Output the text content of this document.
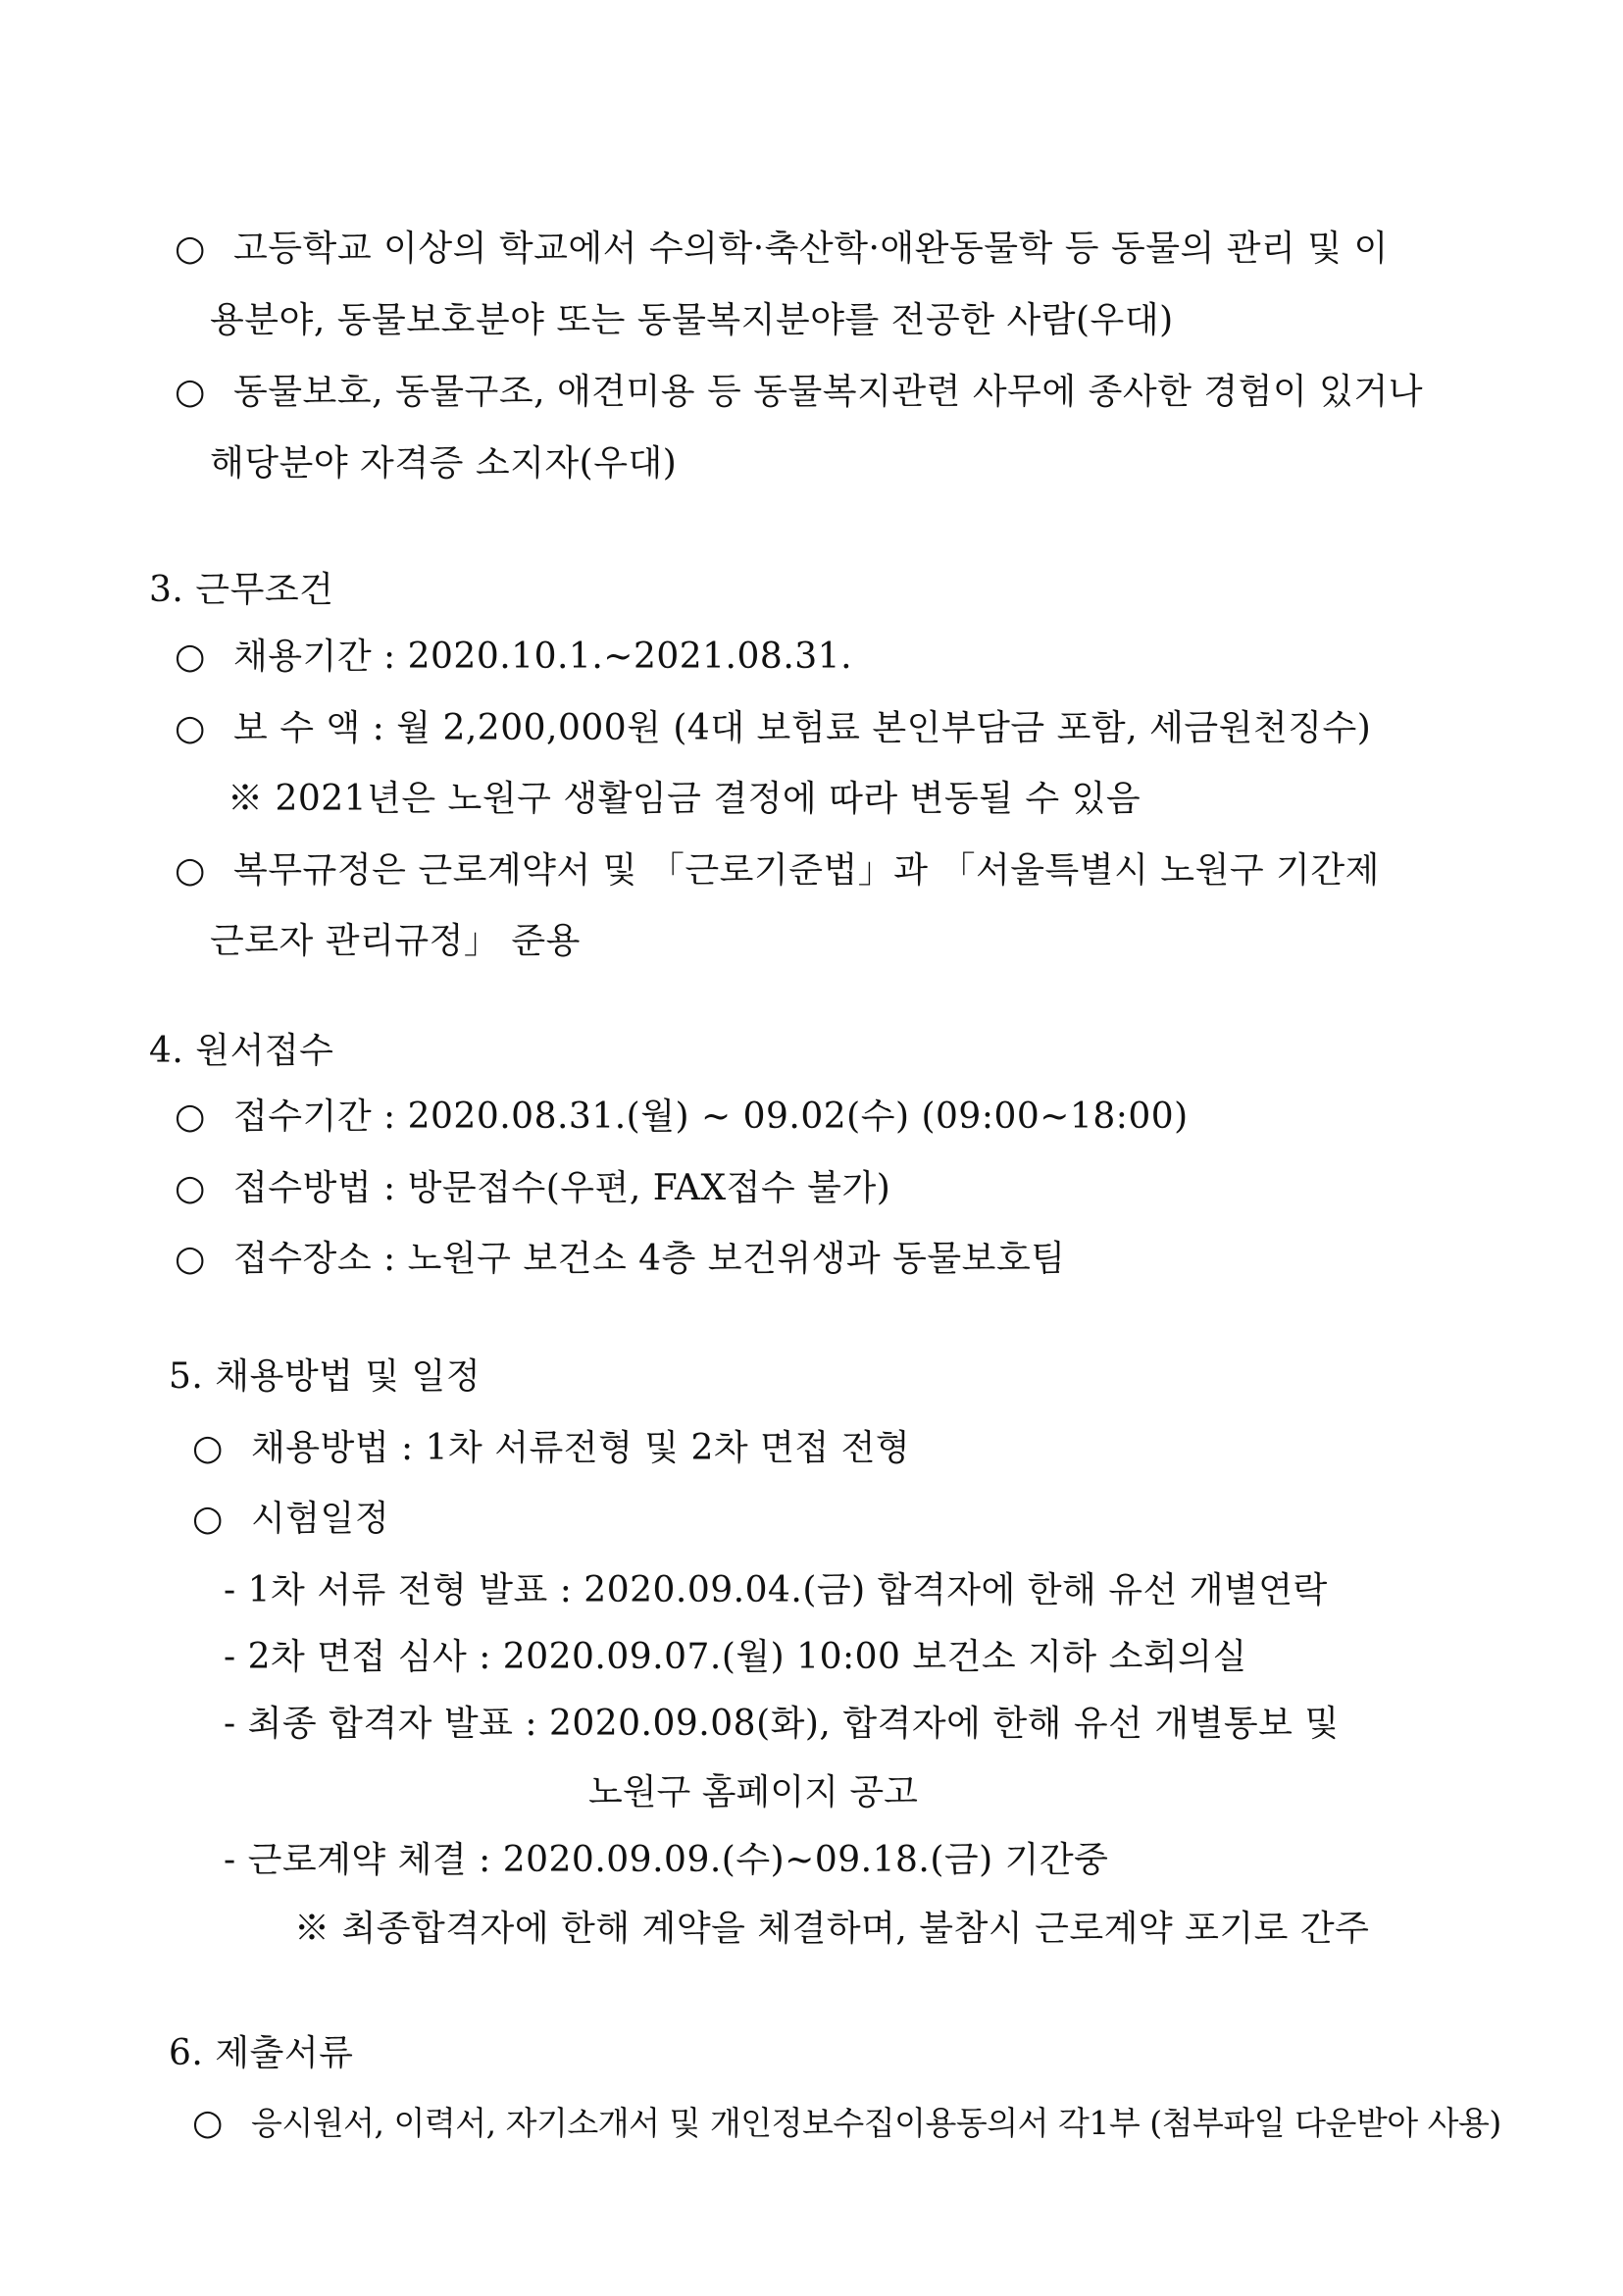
○ 고등학교 이상의 학교에서 수의학·축산학·애완동물학 등 동물의 관리 및 이
용분야, 동물보호분야 또는 동물복지분야를 전공한 사람(우대)
○ 동물보호, 동물구조, 애견미용 등 동물복지관련 사무에 종사한 경험이 있거나
해당분야 자격증 소지자(우대)
3. 근무조건
○ 채용기간 : 2020.10.1.~2021.08.31.
○ 보 수 액 : 월 2,200,000원 (4대 보험료 본인부담금 포함, 세금원천징수)
※ 2021년은 노원구 생활임금 결정에 따라 변동될 수 있음
○ 복무규정은 근로계약서 및 「근로기준법」과 「서울특별시 노원구 기간제
근로자 관리규정」 준용
4. 원서접수
○ 접수기간 : 2020.08.31.(월) ~ 09.02(수) (09:00~18:00)
○ 접수방법 : 방문접수(우편, FAX접수 불가)
○ 접수장소 : 노원구 보건소 4층 보건위생과 동물보호팀
5. 채용방법 및 일정
○ 채용방법 : 1차 서류전형 및 2차 면접 전형
○ 시험일정
- 1차 서류 전형 발표 : 2020.09.04.(금) 합격자에 한해 유선 개별연락
- 2차 면접 심사 : 2020.09.07.(월) 10:00 보건소 지하 소회의실
- 최종 합격자 발표 : 2020.09.08(화), 합격자에 한해 유선 개별통보 및
노원구 홈페이지 공고
- 근로계약 체결 : 2020.09.09.(수)~09.18.(금) 기간중
※ 최종합격자에 한해 계약을 체결하며, 불참시 근로계약 포기로 간주
6. 제출서류
○ 응시원서, 이력서, 자기소개서 및 개인정보수집이용동의서 각1부 (첨부파일 다운받아 사용)
